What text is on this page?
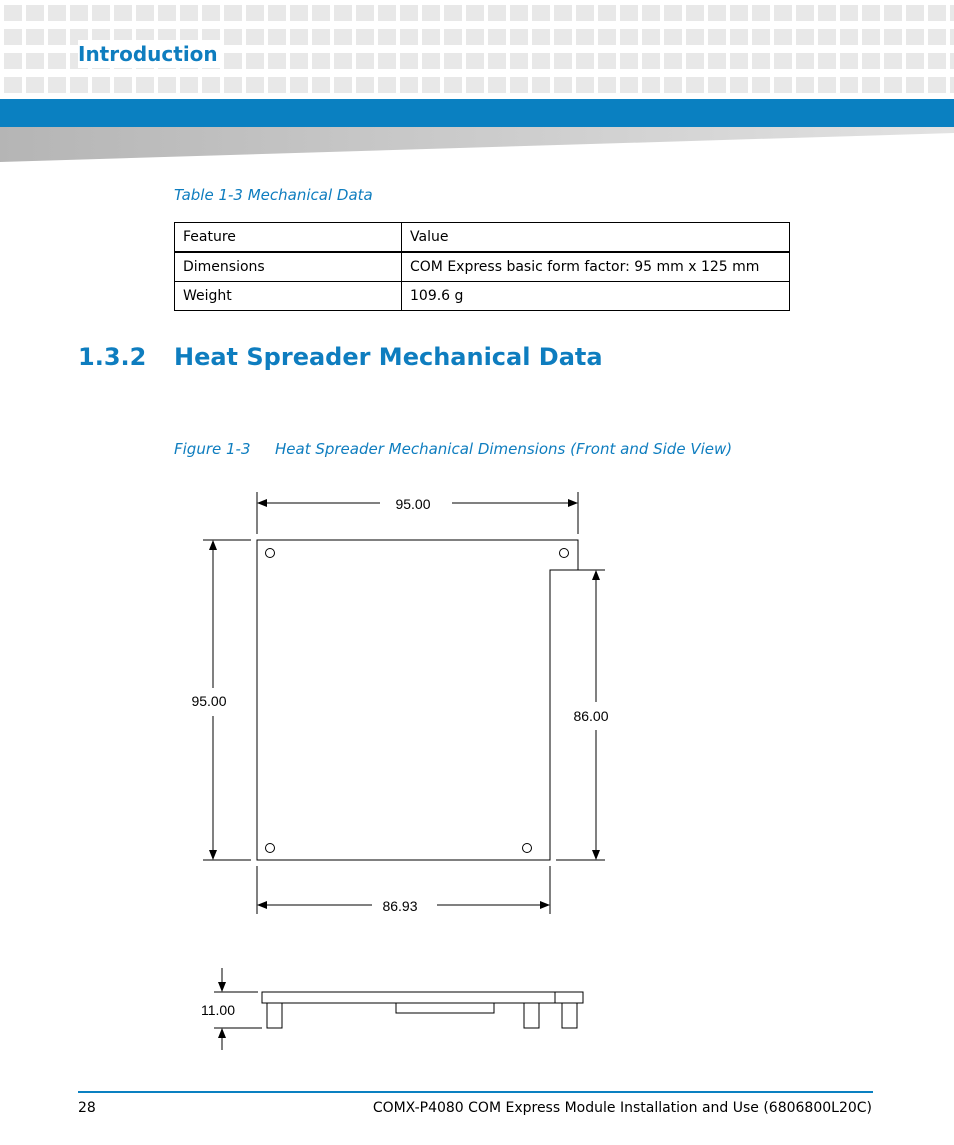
Introduction
Table 1-3 Mechanical Data
Feature	Value
Dimensions	COM Express basic form factor: 95 mm x 125 mm
Weight	109.6 g
1.3.2 Heat Spreader Mechanical Data
Figure 1-3 Heat Spreader Mechanical Dimensions (Front and Side View)
95.00
95.00
86.00
86.93
11.00
28	COMX-P4080 COM Express Module Installation and Use (6806800L20C)
